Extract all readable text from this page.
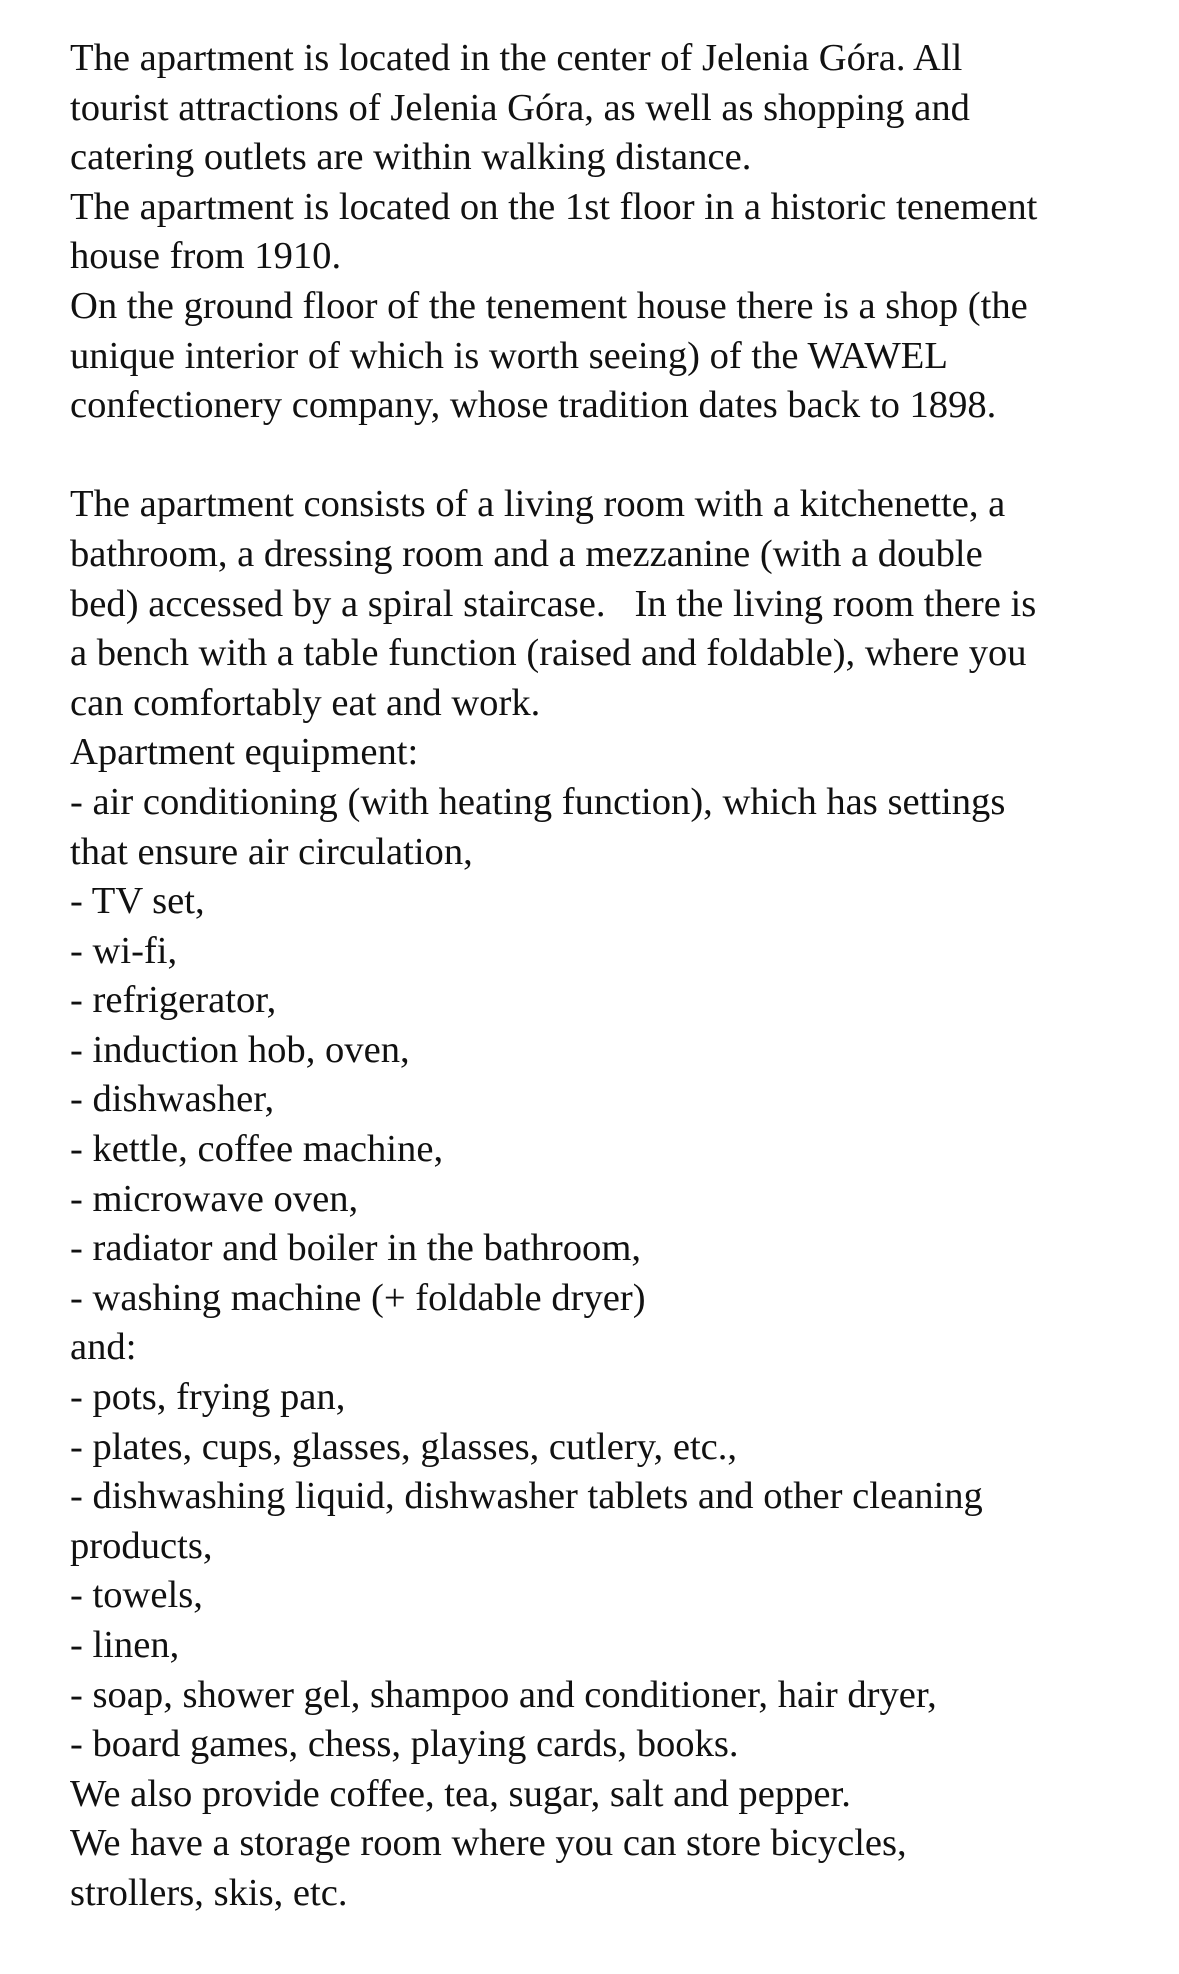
The apartment is located in the center of Jelenia Góra. All
tourist attractions of Jelenia Góra, as well as shopping and
catering outlets are within walking distance.
The apartment is located on the 1st floor in a historic tenement
house from 1910.
On the ground floor of the tenement house there is a shop (the
unique interior of which is worth seeing) of the WAWEL
confectionery company, whose tradition dates back to 1898.
The apartment consists of a living room with a kitchenette, a
bathroom, a dressing room and a mezzanine (with a double
bed) accessed by a spiral staircase.   In the living room there is
a bench with a table function (raised and foldable), where you
can comfortably eat and work.
Apartment equipment:
- air conditioning (with heating function), which has settings
that ensure air circulation,
- TV set,
- wi-fi,
- refrigerator,
- induction hob, oven,
- dishwasher,
- kettle, coffee machine,
- microwave oven,
- radiator and boiler in the bathroom,
- washing machine (+ foldable dryer)
and:
- pots, frying pan,
- plates, cups, glasses, glasses, cutlery, etc.,
- dishwashing liquid, dishwasher tablets and other cleaning
products,
- towels,
- linen,
- soap, shower gel, shampoo and conditioner, hair dryer,
- board games, chess, playing cards, books.
We also provide coffee, tea, sugar, salt and pepper.
We have a storage room where you can store bicycles,
strollers, skis, etc.
